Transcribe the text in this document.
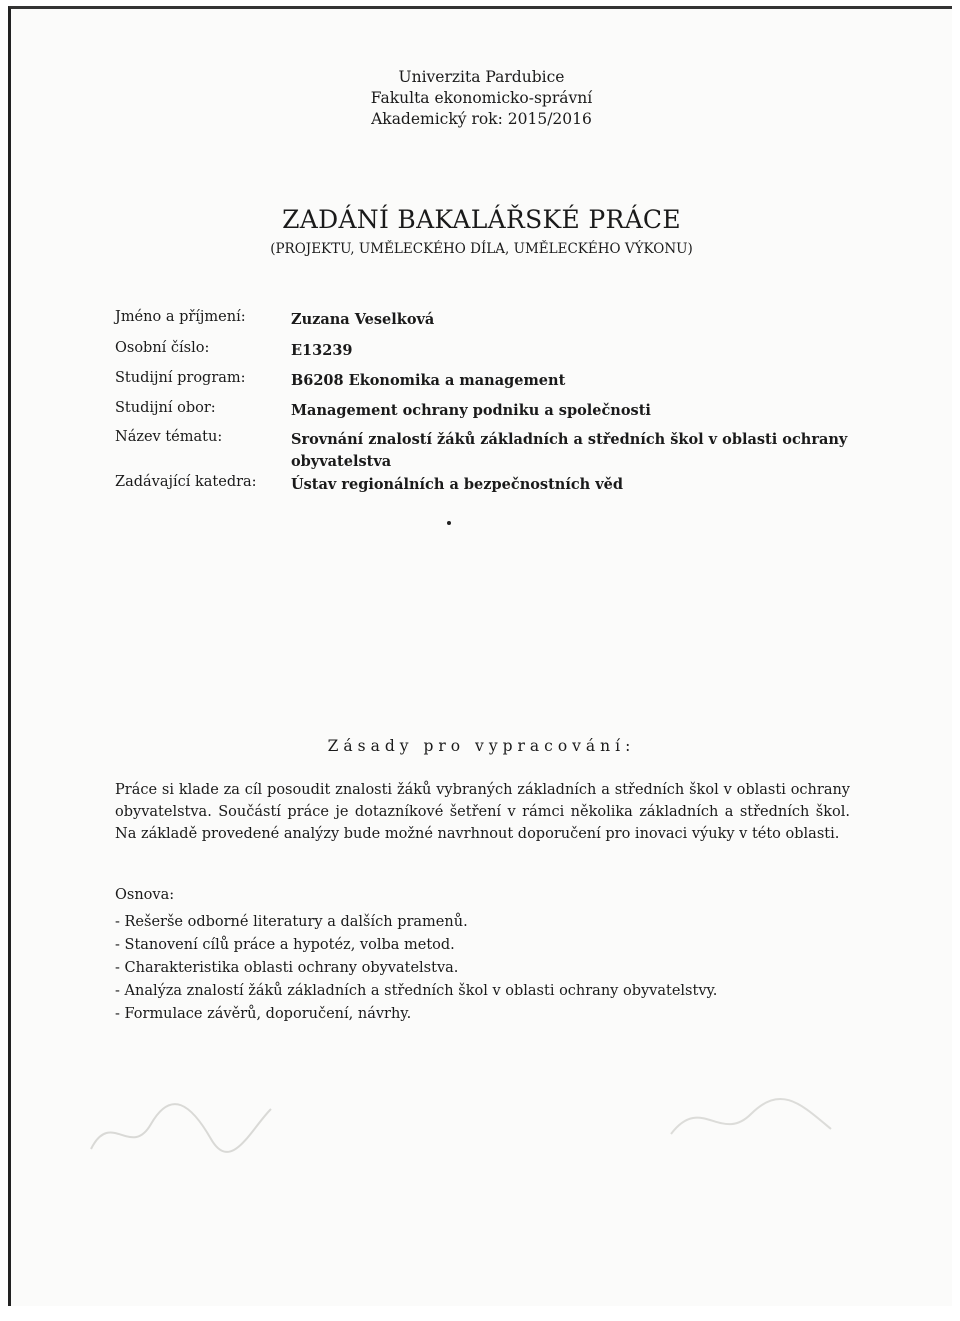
Univerzita Pardubice
Fakulta ekonomicko-správní
Akademický rok: 2015/2016
ZADÁNÍ BAKALÁŘSKÉ PRÁCE
(PROJEKTU, UMĚLECKÉHO DÍLA, UMĚLECKÉHO VÝKONU)
Jméno a příjmení:	Zuzana Veselková
Osobní číslo:	E13239
Studijní program:	B6208 Ekonomika a management
Studijní obor:	Management ochrany podniku a společnosti
Název tématu:	Srovnání znalostí žáků základních a středních škol v oblasti ochrany obyvatelstva
Zadávající katedra:	Ústav regionálních a bezpečnostních věd
Zásady pro vypracování:
Práce si klade za cíl posoudit znalosti žáků vybraných základních a středních škol v oblasti ochrany obyvatelstva. Součástí práce je dotazníkové šetření v rámci několika základních a středních škol. Na základě provedené analýzy bude možné navrhnout doporučení pro inovaci výuky v této oblasti.
Osnova:
- Rešerše odborné literatury a dalších pramenů.
- Stanovení cílů práce a hypotéz, volba metod.
- Charakteristika oblasti ochrany obyvatelstva.
- Analýza znalostí žáků základních a středních škol v oblasti ochrany obyvatelstvy.
- Formulace závěrů, doporučení, návrhy.
